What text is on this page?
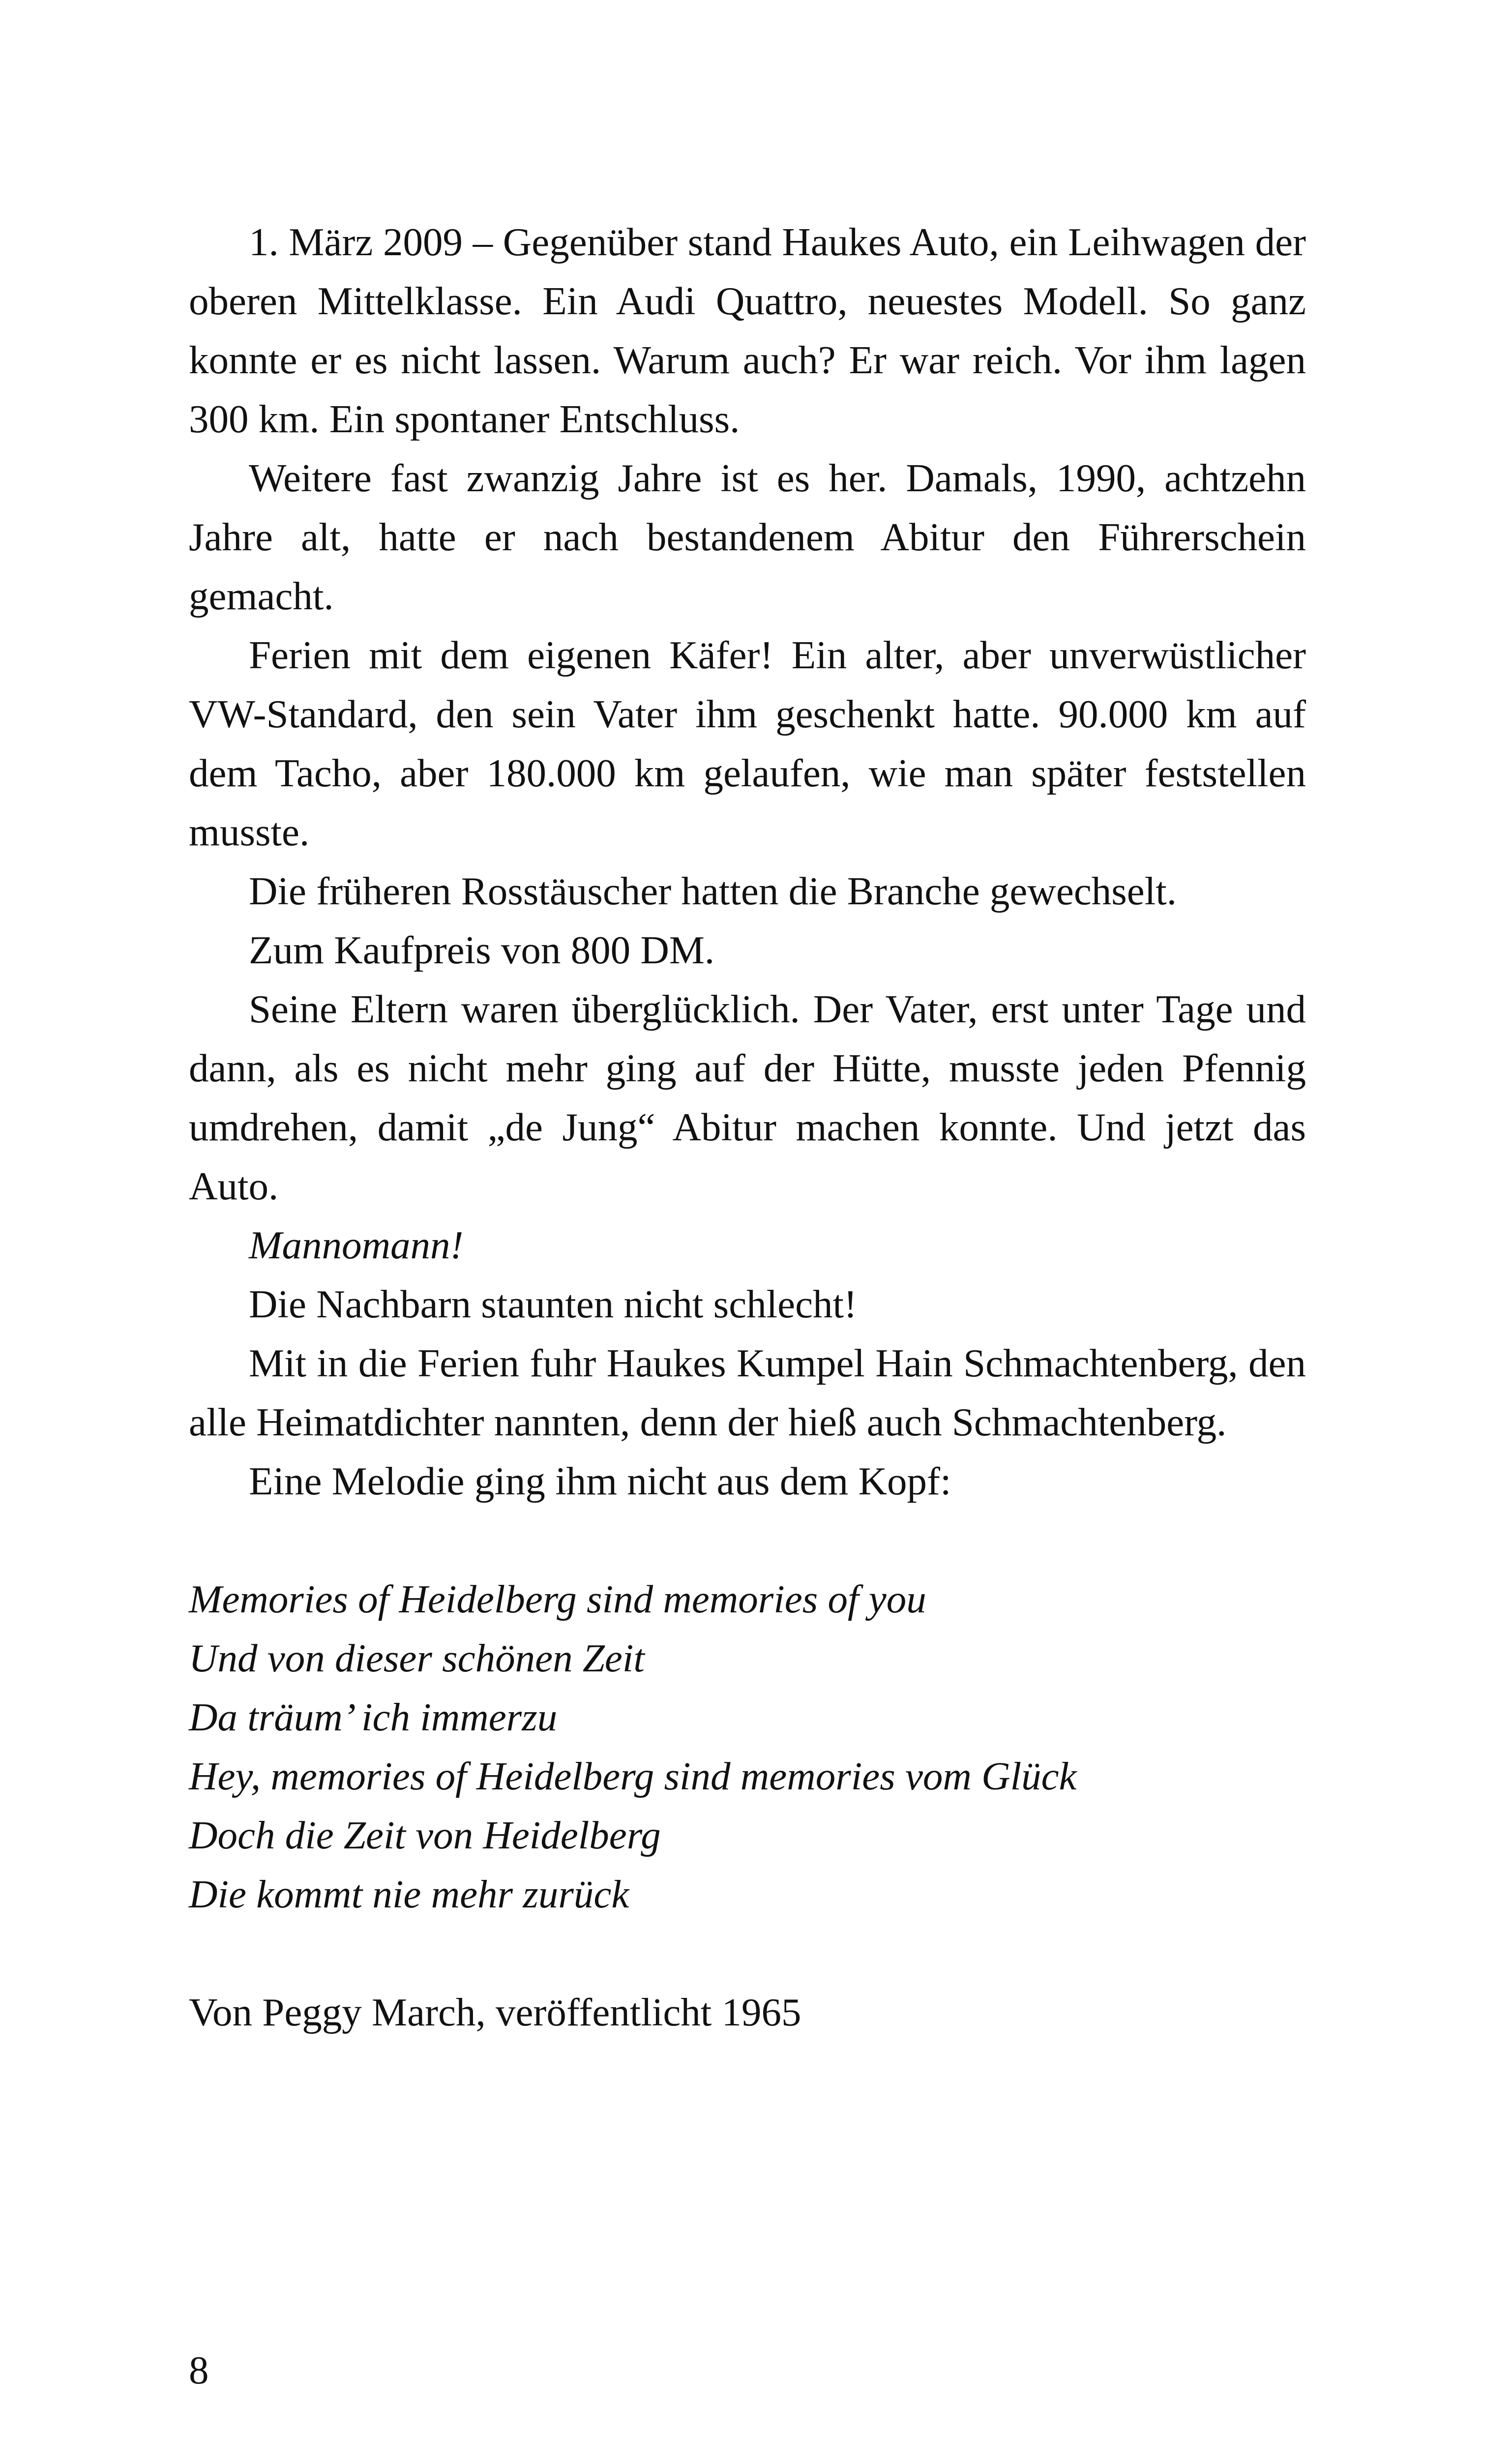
1. März 2009 – Gegenüber stand Haukes Auto, ein Leihwagen der oberen Mittelklasse. Ein Audi Quattro, neuestes Modell. So ganz konnte er es nicht lassen. Warum auch? Er war reich. Vor ihm lagen 300 km. Ein spontaner Entschluss.

Weitere fast zwanzig Jahre ist es her. Damals, 1990, achtzehn Jahre alt, hatte er nach bestandenem Abitur den Führerschein gemacht.

Ferien mit dem eigenen Käfer! Ein alter, aber unverwüstlicher VW-Standard, den sein Vater ihm geschenkt hatte. 90.000 km auf dem Tacho, aber 180.000 km gelaufen, wie man später feststellen musste.

Die früheren Rosstäuscher hatten die Branche gewechselt.

Zum Kaufpreis von 800 DM.

Seine Eltern waren überglücklich. Der Vater, erst unter Tage und dann, als es nicht mehr ging auf der Hütte, musste jeden Pfennig umdrehen, damit „de Jung“ Abitur machen konnte. Und jetzt das Auto.

Mannomann!

Die Nachbarn staunten nicht schlecht!

Mit in die Ferien fuhr Haukes Kumpel Hain Schmachtenberg, den alle Heimatdichter nannten, denn der hieß auch Schmachtenberg.

Eine Melodie ging ihm nicht aus dem Kopf:

Memories of Heidelberg sind memories of you
Und von dieser schönen Zeit
Da träum’ ich immerzu
Hey, memories of Heidelberg sind memories vom Glück
Doch die Zeit von Heidelberg
Die kommt nie mehr zurück

Von Peggy March, veröffentlicht 1965

8
